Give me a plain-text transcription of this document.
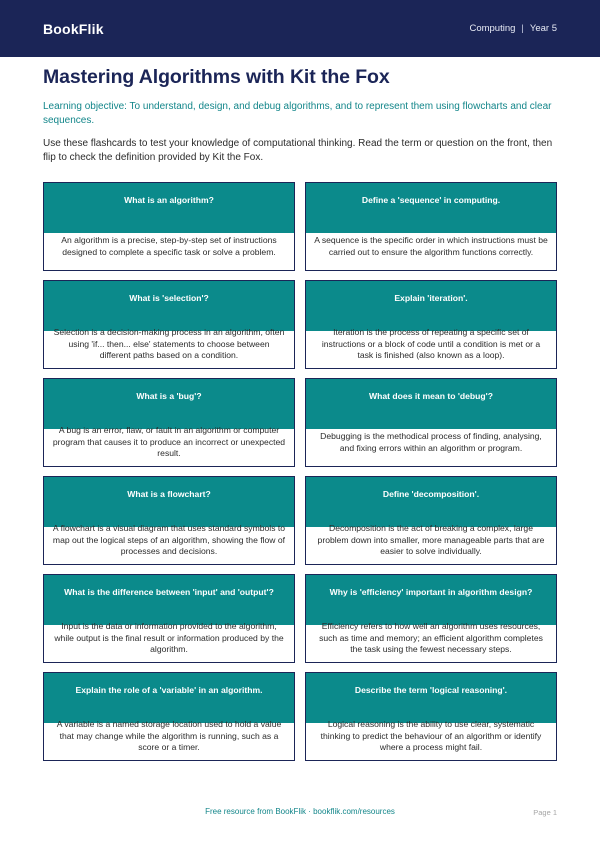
BookFlik	Computing | Year 5
Mastering Algorithms with Kit the Fox

Learning objective: To understand, design, and debug algorithms, and to represent them using flowcharts and clear sequences.

Use these flashcards to test your knowledge of computational thinking. Read the term or question on the front, then flip to check the definition provided by Kit the Fox.

What is an algorithm?
An algorithm is a precise, step-by-step set of instructions designed to complete a specific task or solve a problem.
Define a 'sequence' in computing.
A sequence is the specific order in which instructions must be carried out to ensure the algorithm functions correctly.
What is 'selection'?
Selection is a decision-making process in an algorithm, often using 'if... then... else' statements to choose between different paths based on a condition.
Explain 'iteration'.
Iteration is the process of repeating a specific set of instructions or a block of code until a condition is met or a task is finished (also known as a loop).
What is a 'bug'?
A bug is an error, flaw, or fault in an algorithm or computer program that causes it to produce an incorrect or unexpected result.
What does it mean to 'debug'?
Debugging is the methodical process of finding, analysing, and fixing errors within an algorithm or program.
What is a flowchart?
A flowchart is a visual diagram that uses standard symbols to map out the logical steps of an algorithm, showing the flow of processes and decisions.
Define 'decomposition'.
Decomposition is the act of breaking a complex, large problem down into smaller, more manageable parts that are easier to solve individually.
What is the difference between 'input' and 'output'?
Input is the data or information provided to the algorithm, while output is the final result or information produced by the algorithm.
Why is 'efficiency' important in algorithm design?
Efficiency refers to how well an algorithm uses resources, such as time and memory; an efficient algorithm completes the task using the fewest necessary steps.
Explain the role of a 'variable' in an algorithm.
A variable is a named storage location used to hold a value that may change while the algorithm is running, such as a score or a timer.
Describe the term 'logical reasoning'.
Logical reasoning is the ability to use clear, systematic thinking to predict the behaviour of an algorithm or identify where a process might fail.
Free resource from BookFlik · bookflik.com/resources	Page 1
